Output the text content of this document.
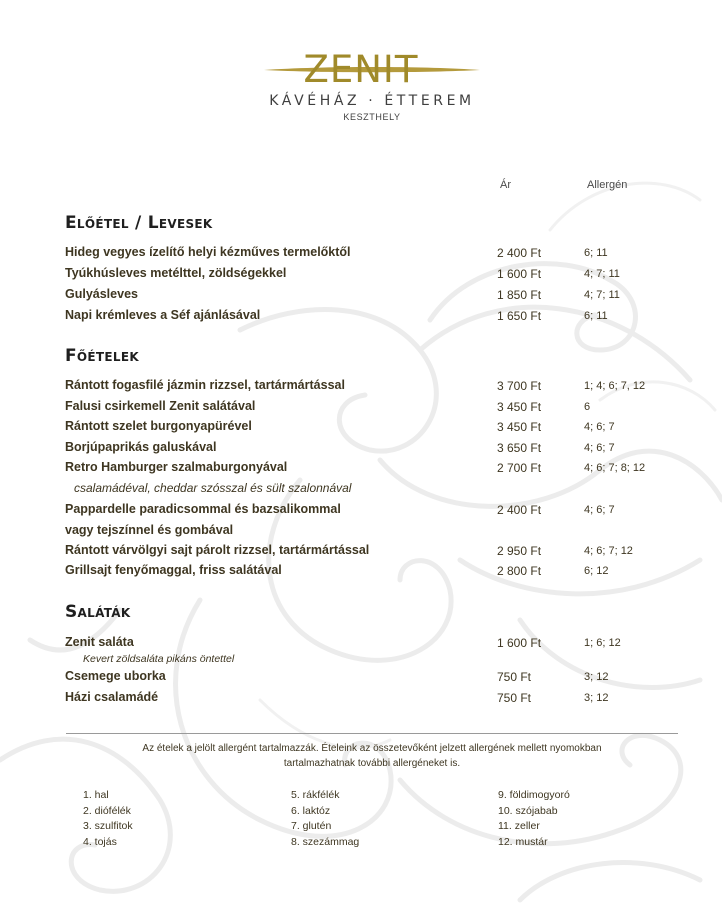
ZENIT
KÁVÉHÁZ · ÉTTEREM
KESZTHELY
Ár	Allergén
Előétel / Levesek
Hideg vegyes ízelítő helyi kézműves termelőktől	2 400 Ft	6; 11
Tyúkhúsleves metélttel, zöldségekkel	1 600 Ft	4; 7; 11
Gulyásleves	1 850 Ft	4; 7; 11
Napi krémleves a Séf ajánlásával	1 650 Ft	6; 11
Főételek
Rántott fogasfilé jázmin rizzsel, tartármártással	3 700 Ft	1; 4; 6; 7, 12
Falusi csirkemell Zenit salátával	3 450 Ft	6
Rántott szelet burgonyapürével	3 450 Ft	4; 6; 7
Borjúpaprikás galuskával	3 650 Ft	4; 6; 7
Retro Hamburger szalmaburgonyával	2 700 Ft	4; 6; 7; 8; 12
csalamádéval, cheddar szósszal és sült szalonnával
Pappardelle paradicsommal és bazsalikommal	2 400 Ft	4; 6; 7
vagy tejszínnel és gombával
Rántott várvölgyi sajt párolt rizzsel, tartármártással	2 950 Ft	4; 6; 7; 12
Grillsajt fenyőmaggal, friss salátával	2 800 Ft	6; 12
Saláták
Zenit saláta	1 600 Ft	1; 6; 12
Kevert zöldsaláta pikáns öntettel
Csemege uborka	750 Ft	3; 12
Házi csalamádé	750 Ft	3; 12
Az ételek a jelölt allergént tartalmazzák. Ételeink az összetevőként jelzett allergének mellett nyomokban
tartalmazhatnak további allergéneket is.
1. hal
2. diófélék
3. szulfitok
4. tojás
5. rákfélék
6. laktóz
7. glutén
8. szezámmag
9. földimogyoró
10. szójabab
11. zeller
12. mustár
